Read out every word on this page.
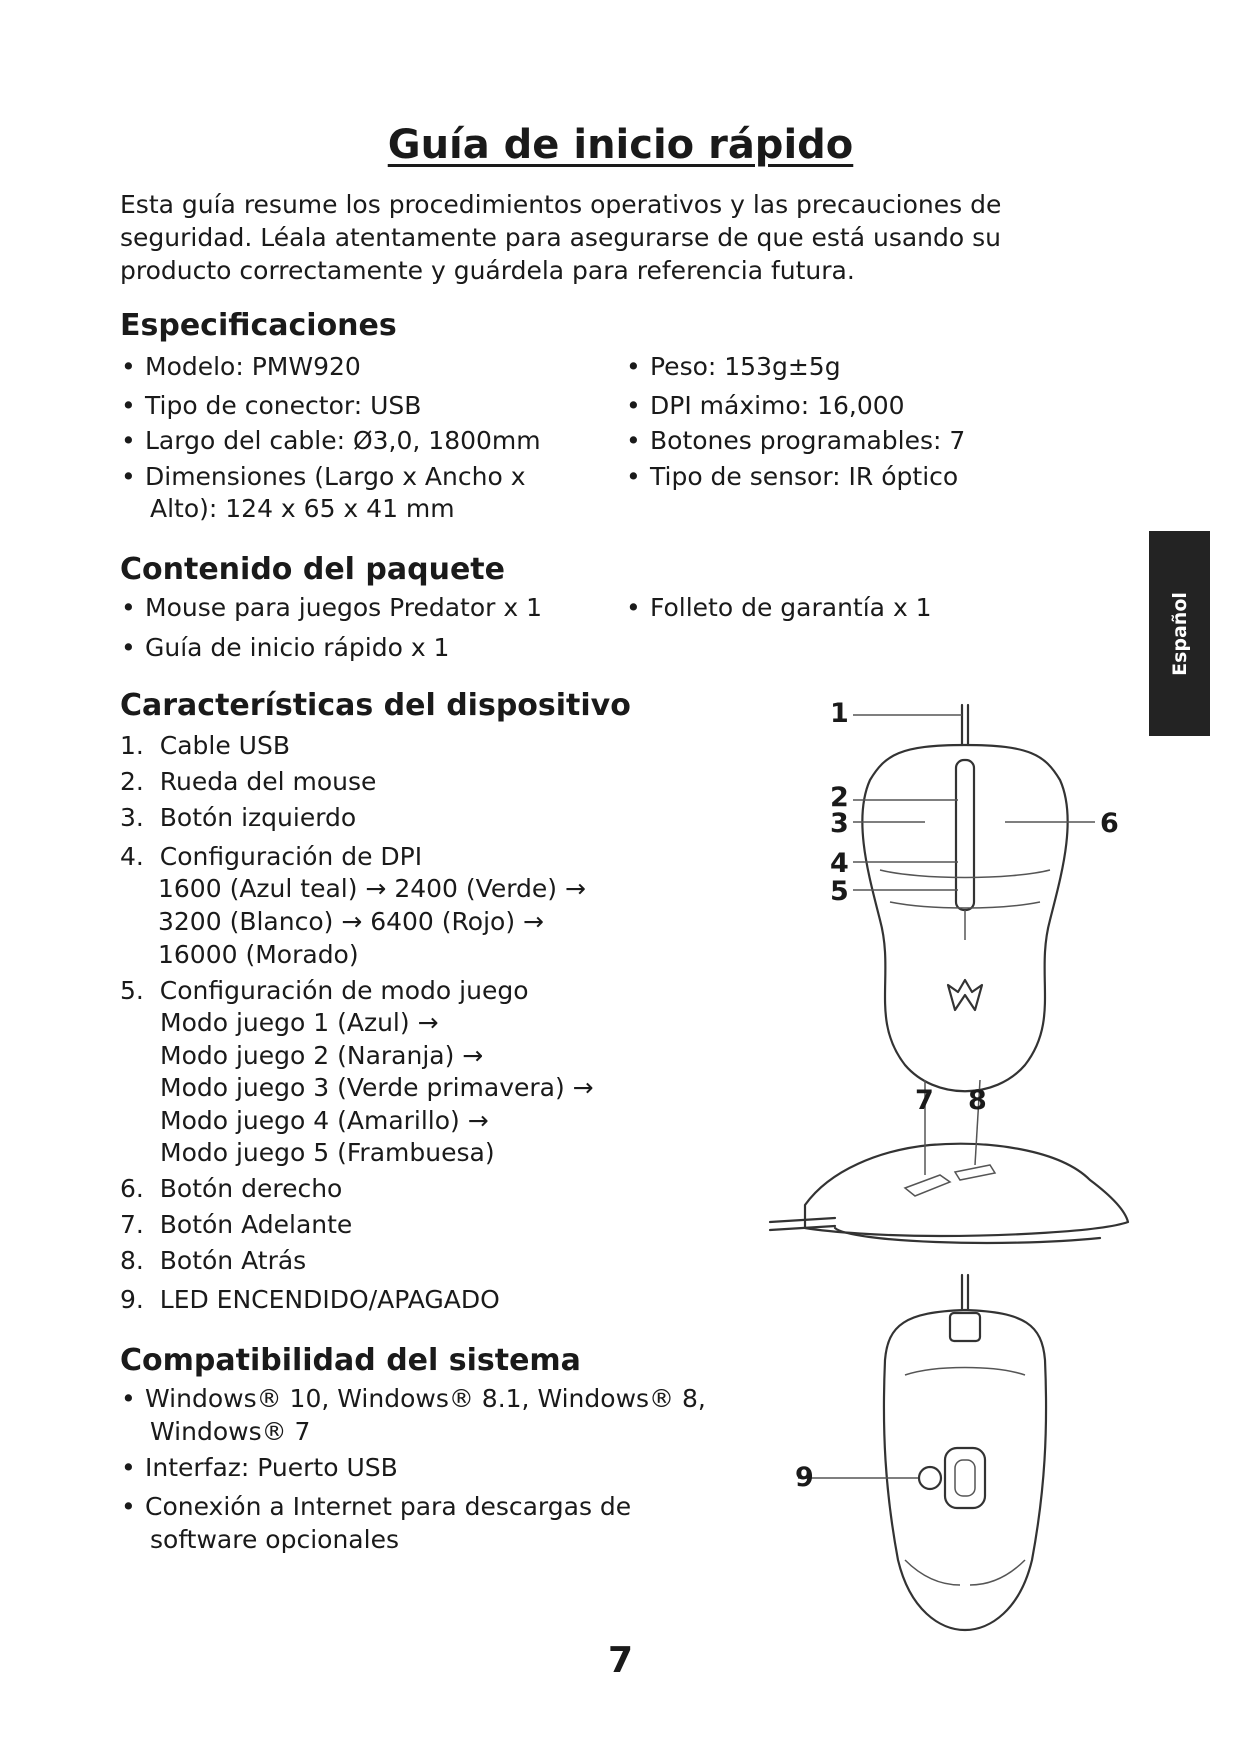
Guía de inicio rápido
Esta guía resume los procedimientos operativos y las precauciones de
seguridad. Léala atentamente para asegurarse de que está usando su
producto correctamente y guárdela para referencia futura.
Español
Especificaciones
• Modelo: PMW920
• Tipo de conector: USB
• Largo del cable: Ø3,0, 1800mm
• Dimensiones (Largo x Ancho x
Alto): 124 x 65 x 41 mm
• Peso: 153g±5g
• DPI máximo: 16,000
• Botones programables: 7
• Tipo de sensor: IR óptico
Contenido del paquete
• Mouse para juegos Predator x 1
•	Folleto de garantía x 1
• Guía de inicio rápido x 1
Características del dispositivo
1. Cable USB
2. Rueda del mouse
3. Botón izquierdo
4. Configuración de DPI
1600 (Azul teal) → 2400 (Verde) →
3200 (Blanco) → 6400 (Rojo) →
16000 (Morado)
5. Configuración de modo juego
Modo juego 1 (Azul) →
Modo juego 2 (Naranja) →
Modo juego 3 (Verde primavera) →
Modo juego 4 (Amarillo) →
Modo juego 5 (Frambuesa)
6. Botón derecho
7. Botón Adelante
8. Botón Atrás
9. LED ENCENDIDO/APAGADO
Compatibilidad del sistema
• Windows® 10, Windows® 8.1, Windows® 8,
Windows® 7
• Interfaz: Puerto USB
• Conexión a Internet para descargas de
software opcionales
1
2
3	6
4
5
7 8
9
7
